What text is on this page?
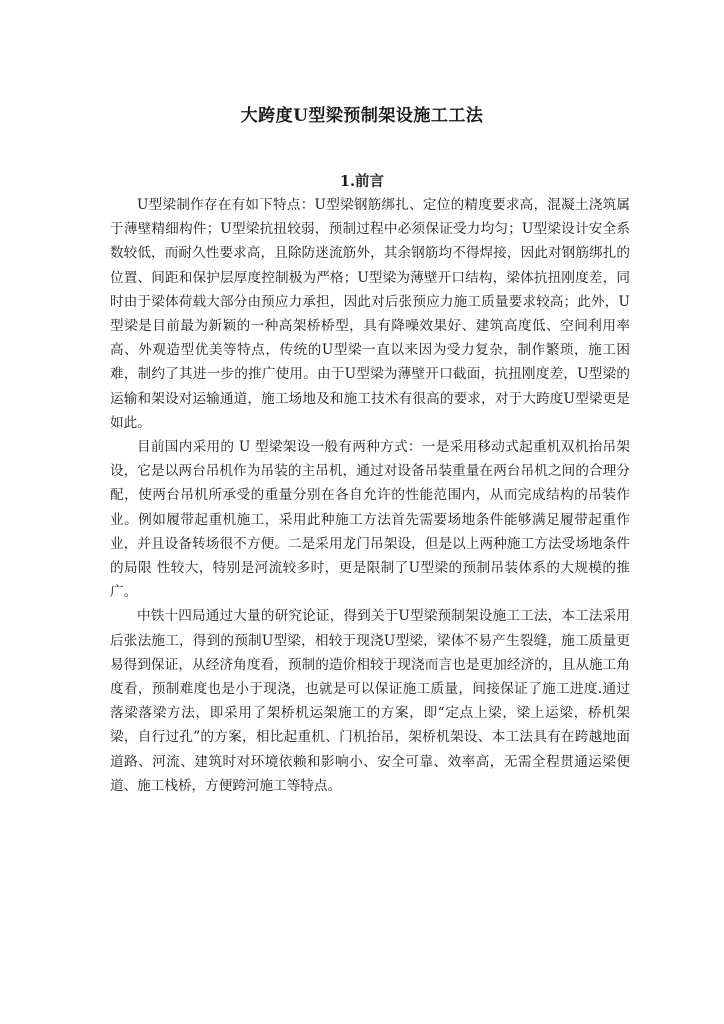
大跨度U型梁预制架设施工工法
1.前言

U型梁制作存在有如下特点：U型梁钢筋绑扎、定位的精度要求高，混凝土浇筑属于薄壁精细构件；U型梁抗扭较弱，预制过程中必须保证受力均匀；U型梁设计安全系数较低，而耐久性要求高，且除防迷流筋外，其余钢筋均不得焊接，因此对钢筋绑扎的位置、间距和保护层厚度控制极为严格；U型梁为薄壁开口结构，梁体抗扭刚度差，同时由于梁体荷载大部分由预应力承担，因此对后张预应力施工质量要求较高；此外，U型梁是目前最为新颖的一种高架桥桥型，具有降噪效果好、建筑高度低、空间利用率高、外观造型优美等特点，传统的U型梁一直以来因为受力复杂，制作繁琐，施工困难，制约了其进一步的推广使用。由于U型梁为薄壁开口截面，抗扭刚度差，U型梁的运输和架设对运输通道，施工场地及和施工技术有很高的要求，对于大跨度U型梁更是如此。

目前国内采用的 U 型梁架设一般有两种方式：一是采用移动式起重机双机抬吊架设，它是以两台吊机作为吊装的主吊机，通过对设备吊装重量在两台吊机之间的合理分 配，使两台吊机所承受的重量分别在各自允许的性能范围内，从而完成结构的吊装作业。例如履带起重机施工，采用此种施工方法首先需要场地条件能够满足履带起重作业，并且设备转场很不方便。二是采用龙门吊架设，但是以上两种施工方法受场地条件的局限 性较大，特别是河流较多时，更是限制了U型梁的预制吊装体系的大规模的推广。

中铁十四局通过大量的研究论证，得到关于U型梁预制架设施工工法，本工法采用后张法施工，得到的预制U型梁，相较于现浇U型梁，梁体不易产生裂缝，施工质量更易得到保证，从经济角度看，预制的造价相较于现浇而言也是更加经济的，且从施工角度看，预制难度也是小于现浇，也就是可以保证施工质量，间接保证了施工进度.通过落梁落梁方法，即采用了架桥机运架施工的方案，即“定点上梁，梁上运梁，桥机架梁，自行过孔”的方案，相比起重机、门机抬吊，架桥机架设、本工法具有在跨越地面道路、河流、建筑时对环境依赖和影响小、安全可靠、效率高，无需全程贯通运梁便道、施工栈桥，方便跨河施工等特点。
